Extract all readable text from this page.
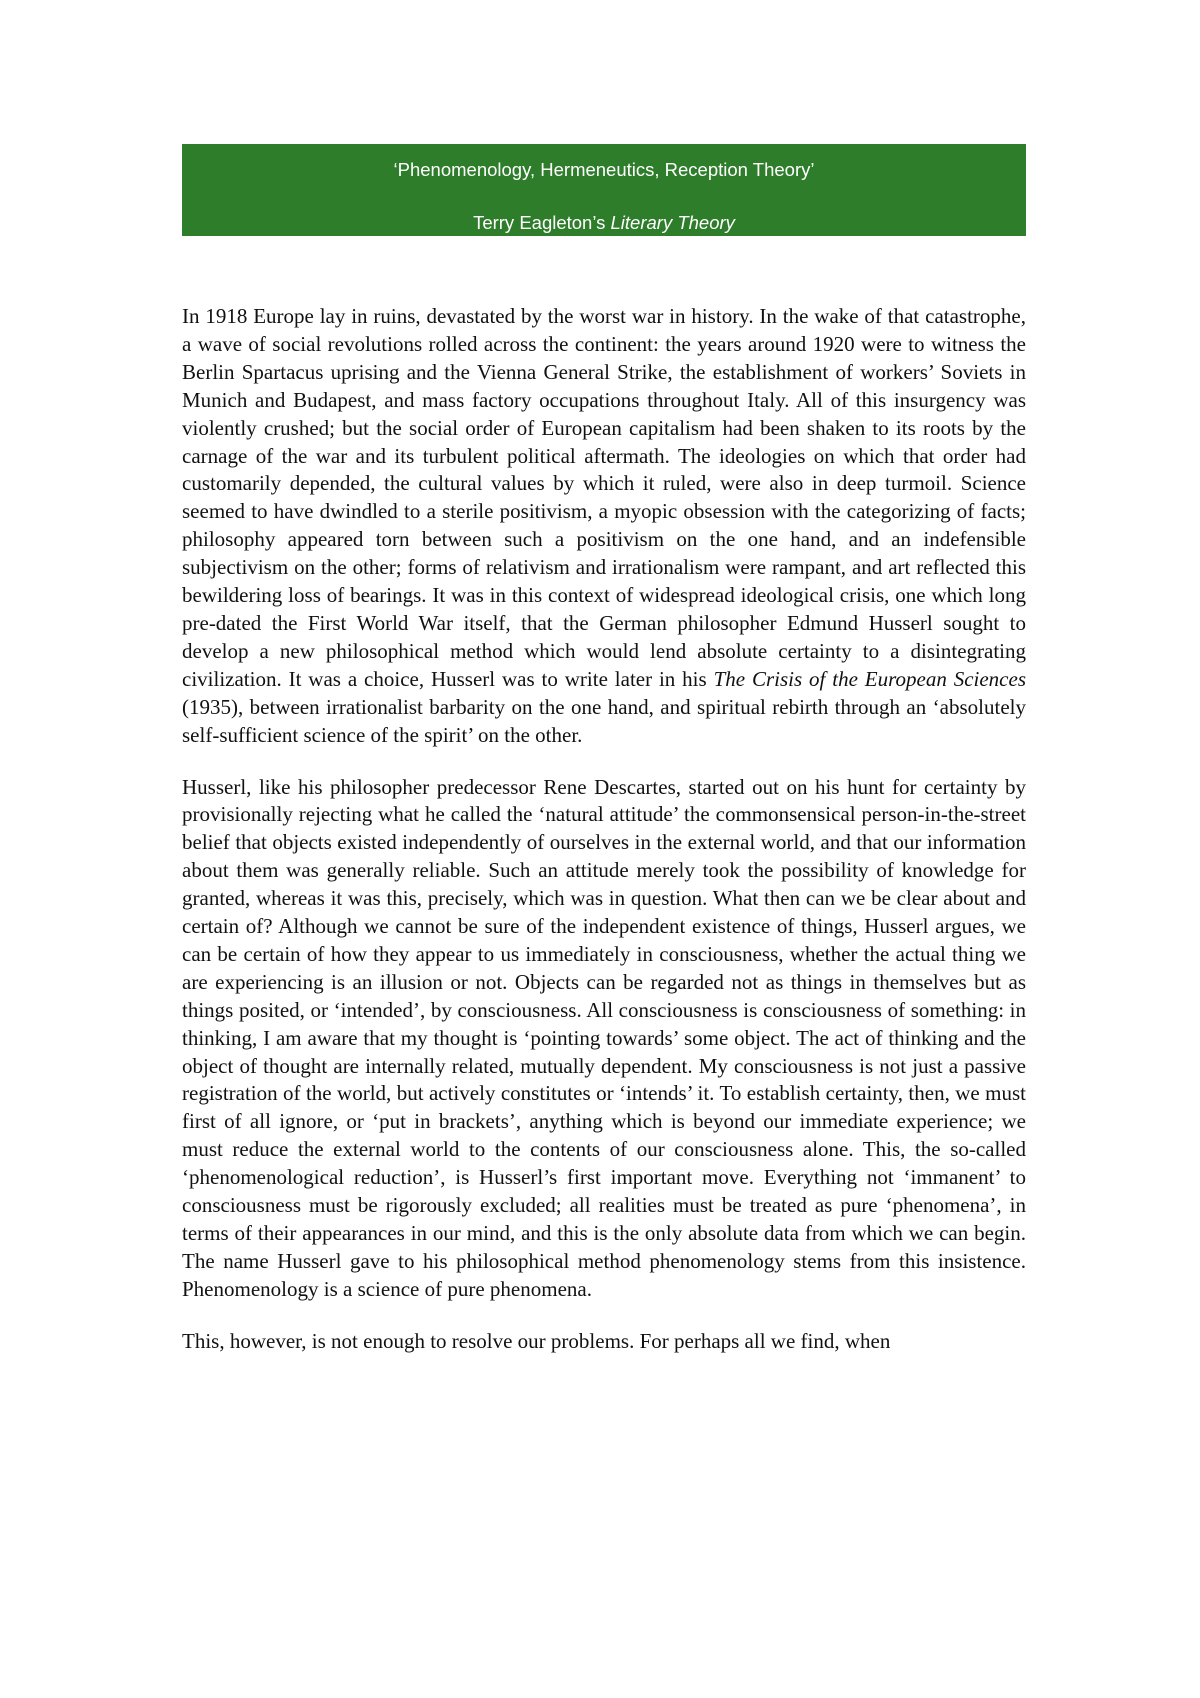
‘Phenomenology, Hermeneutics, Reception Theory’
Terry Eagleton’s Literary Theory

In 1918 Europe lay in ruins, devastated by the worst war in history. In the wake of that catastrophe, a wave of social revolutions rolled across the continent: the years around 1920 were to witness the Berlin Spartacus uprising and the Vienna General Strike, the establishment of workers’ Soviets in Munich and Budapest, and mass factory occupations throughout Italy. All of this insurgency was violently crushed; but the social order of European capitalism had been shaken to its roots by the carnage of the war and its turbulent political aftermath. The ideologies on which that order had customarily depended, the cultural values by which it ruled, were also in deep turmoil. Science seemed to have dwindled to a sterile positivism, a myopic obsession with the categorizing of facts; philosophy appeared torn between such a positivism on the one hand, and an indefensible subjectivism on the other; forms of relativism and irrationalism were rampant, and art reflected this bewildering loss of bearings. It was in this context of widespread ideological crisis, one which long pre-dated the First World War itself, that the German philosopher Edmund Husserl sought to develop a new philosophical method which would lend absolute certainty to a disintegrating civilization. It was a choice, Husserl was to write later in his The Crisis of the European Sciences (1935), between irrationalist barbarity on the one hand, and spiritual rebirth through an ‘absolutely self-sufficient science of the spirit’ on the other.

Husserl, like his philosopher predecessor Rene Descartes, started out on his hunt for certainty by provisionally rejecting what he called the ‘natural attitude’ the commonsensical person-in-the-street belief that objects existed independently of ourselves in the external world, and that our information about them was generally reliable. Such an attitude merely took the possibility of knowledge for granted, whereas it was this, precisely, which was in question. What then can we be clear about and certain of? Although we cannot be sure of the independent existence of things, Husserl argues, we can be certain of how they appear to us immediately in consciousness, whether the actual thing we are experiencing is an illusion or not. Objects can be regarded not as things in themselves but as things posited, or ‘intended’, by consciousness. All consciousness is consciousness of something: in thinking, I am aware that my thought is ‘pointing towards’ some object. The act of thinking and the object of thought are internally related, mutually dependent. My consciousness is not just a passive registration of the world, but actively constitutes or ‘intends’ it. To establish certainty, then, we must first of all ignore, or ‘put in brackets’, anything which is beyond our immediate experience; we must reduce the external world to the contents of our consciousness alone. This, the so-called ‘phenomenological reduction’, is Husserl’s first important move. Everything not ‘immanent’ to consciousness must be rigorously excluded; all realities must be treated as pure ‘phenomena’, in terms of their appearances in our mind, and this is the only absolute data from which we can begin. The name Husserl gave to his philosophical method phenomenology stems from this insistence. Phenomenology is a science of pure phenomena.

This, however, is not enough to resolve our problems. For perhaps all we find, when
